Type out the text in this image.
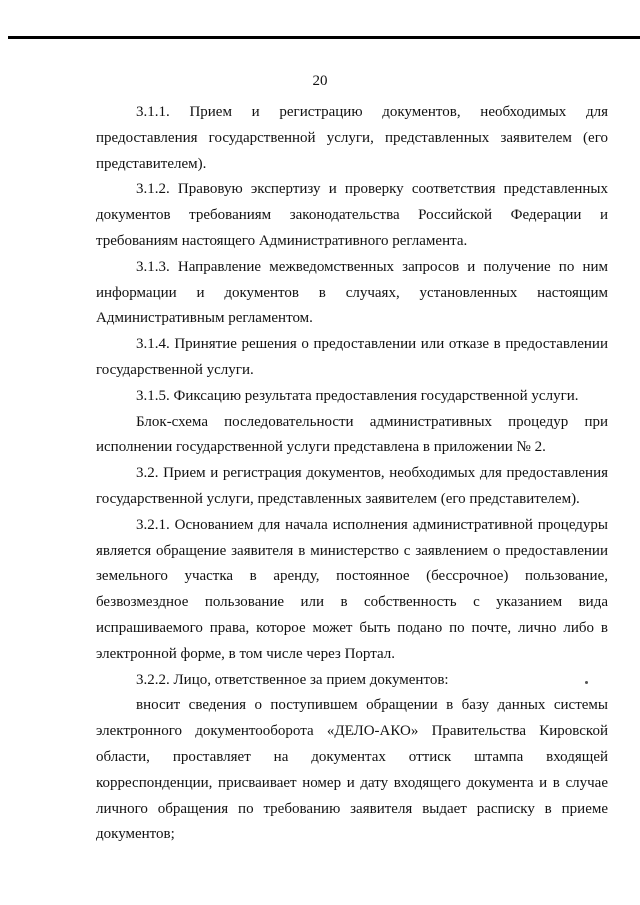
20

3.1.1. Прием и регистрацию документов, необходимых для предоставления государственной услуги, представленных заявителем (его представителем).

3.1.2. Правовую экспертизу и проверку соответствия представленных документов требованиям законодательства Российской Федерации и требованиям настоящего Административного регламента.

3.1.3. Направление межведомственных запросов и получение по ним информации и документов в случаях, установленных настоящим Административным регламентом.

3.1.4. Принятие решения о предоставлении или отказе в предоставлении государственной услуги.

3.1.5. Фиксацию результата предоставления государственной услуги.

Блок-схема последовательности административных процедур при исполнении государственной услуги представлена в приложении № 2.

3.2. Прием и регистрация документов, необходимых для предоставления государственной услуги, представленных заявителем (его представителем).

3.2.1. Основанием для начала исполнения административной процедуры является обращение заявителя в министерство с заявлением о предоставлении земельного участка в аренду, постоянное (бессрочное) пользование, безвозмездное пользование или в собственность с указанием вида испрашиваемого права, которое может быть подано по почте, лично либо в электронной форме, в том числе через Портал.

3.2.2. Лицо, ответственное за прием документов:

вносит сведения о поступившем обращении в базу данных системы электронного документооборота «ДЕЛО-АКО» Правительства Кировской области, проставляет на документах оттиск штампа входящей корреспонденции, присваивает номер и дату входящего документа и в случае личного обращения по требованию заявителя выдает расписку в приеме документов;
